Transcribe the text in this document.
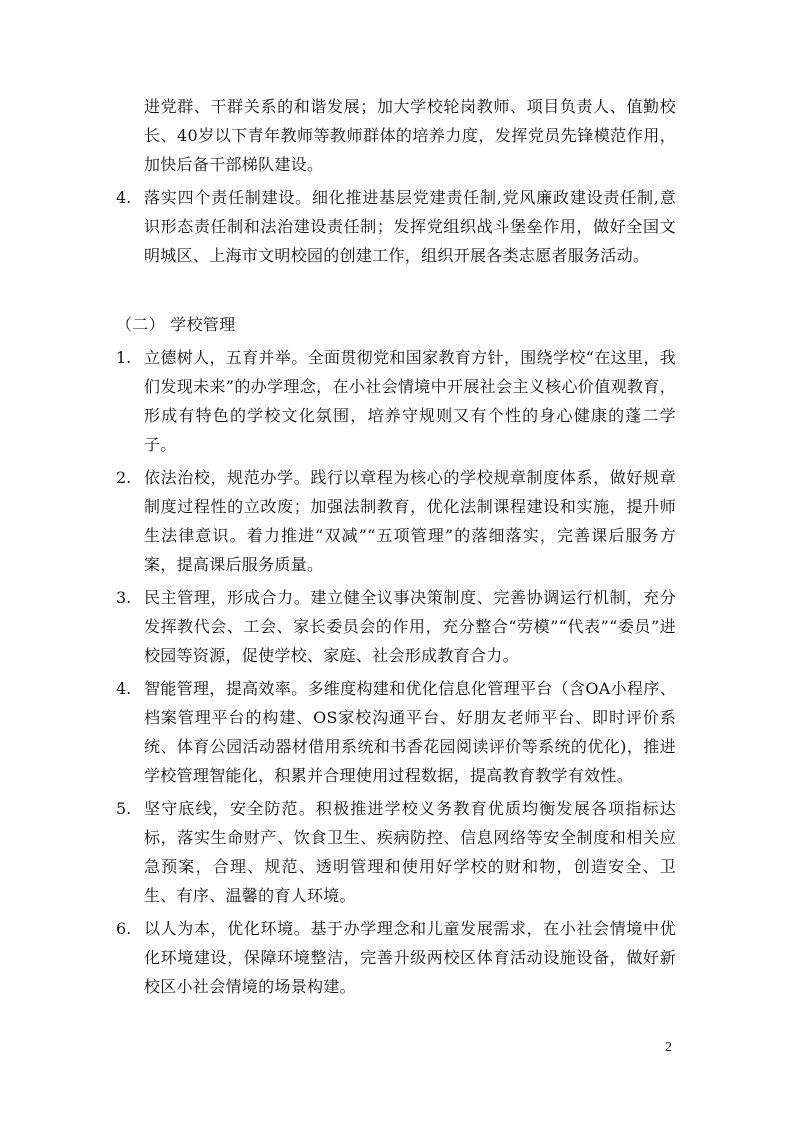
进党群、干群关系的和谐发展；加大学校轮岗教师、项目负责人、值勤校长、40岁以下青年教师等教师群体的培养力度，发挥党员先锋模范作用，加快后备干部梯队建设。

4. 落实四个责任制建设。细化推进基层党建责任制,党风廉政建设责任制,意识形态责任制和法治建设责任制；发挥党组织战斗堡垒作用，做好全国文明城区、上海市文明校园的创建工作，组织开展各类志愿者服务活动。

（二） 学校管理

1. 立德树人，五育并举。全面贯彻党和国家教育方针，围绕学校“在这里，我们发现未来”的办学理念，在小社会情境中开展社会主义核心价值观教育，形成有特色的学校文化氛围，培养守规则又有个性的身心健康的蓬二学子。
2. 依法治校，规范办学。践行以章程为核心的学校规章制度体系，做好规章制度过程性的立改废；加强法制教育，优化法制课程建设和实施，提升师生法律意识。着力推进“双减”“五项管理”的落细落实，完善课后服务方案，提高课后服务质量。
3. 民主管理，形成合力。建立健全议事决策制度、完善协调运行机制，充分发挥教代会、工会、家长委员会的作用，充分整合“劳模”“代表”“委员”进校园等资源，促使学校、家庭、社会形成教育合力。
4. 智能管理，提高效率。多维度构建和优化信息化管理平台（含OA小程序、档案管理平台的构建、OS家校沟通平台、好朋友老师平台、即时评价系统、体育公园活动器材借用系统和书香花园阅读评价等系统的优化)，推进学校管理智能化，积累并合理使用过程数据，提高教育教学有效性。
5. 坚守底线，安全防范。积极推进学校义务教育优质均衡发展各项指标达标，落实生命财产、饮食卫生、疾病防控、信息网络等安全制度和相关应急预案，合理、规范、透明管理和使用好学校的财和物，创造安全、卫生、有序、温馨的育人环境。
6. 以人为本，优化环境。基于办学理念和儿童发展需求，在小社会情境中优化环境建设，保障环境整洁，完善升级两校区体育活动设施设备，做好新校区小社会情境的场景构建。
2
